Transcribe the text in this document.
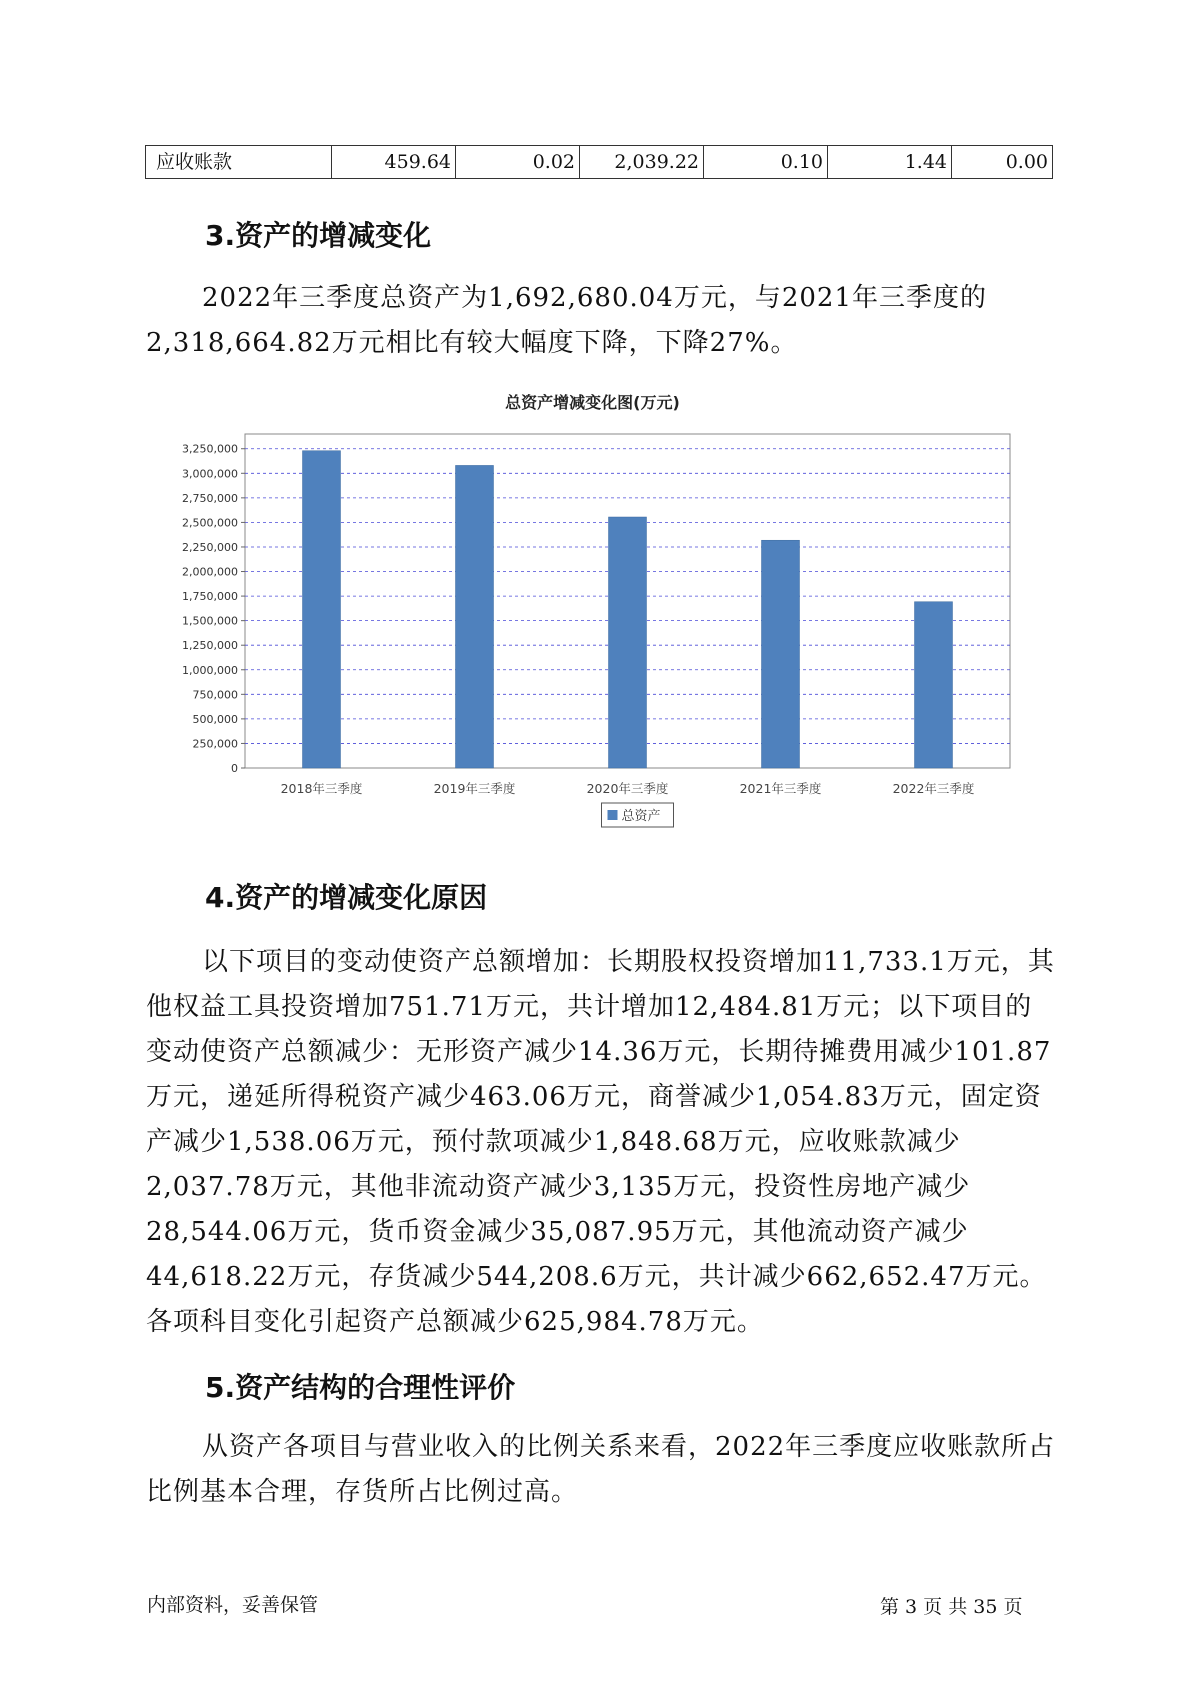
应收账款	459.64	0.02	2,039.22	0.10	1.44	0.00
3.资产的增减变化

2022年三季度总资产为1,692,680.04万元，与2021年三季度的2,318,664.82万元相比有较大幅度下降，下降27%。

总资产增减变化图(万元)
0
250,000
500,000
750,000
1,000,000
1,250,000
1,500,000
1,750,000
2,000,000
2,250,000
2,500,000
2,750,000
3,000,000
3,250,000
2018年三季度	2019年三季度	2020年三季度	2021年三季度	2022年三季度
总资产
4.资产的增减变化原因

以下项目的变动使资产总额增加：长期股权投资增加11,733.1万元，其他权益工具投资增加751.71万元，共计增加12,484.81万元；以下项目的变动使资产总额减少：无形资产减少14.36万元，长期待摊费用减少101.87万元，递延所得税资产减少463.06万元，商誉减少1,054.83万元，固定资产减少1,538.06万元，预付款项减少1,848.68万元，应收账款减少2,037.78万元，其他非流动资产减少3,135万元，投资性房地产减少28,544.06万元，货币资金减少35,087.95万元，其他流动资产减少44,618.22万元，存货减少544,208.6万元，共计减少662,652.47万元。各项科目变化引起资产总额减少625,984.78万元。

5.资产结构的合理性评价

从资产各项目与营业收入的比例关系来看，2022年三季度应收账款所占比例基本合理，存货所占比例过高。

内部资料，妥善保管	第 3 页 共 35 页
